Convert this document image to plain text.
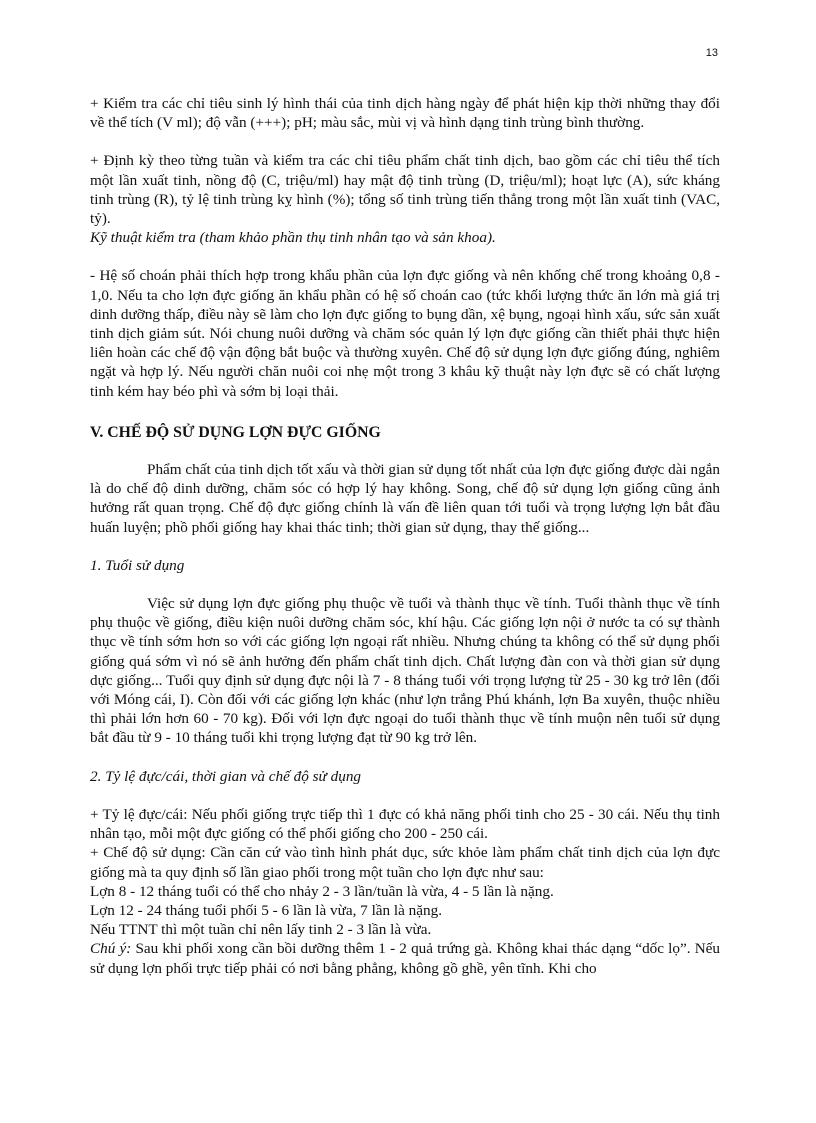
13

+ Kiểm tra các chỉ tiêu sinh lý hình thái của tinh dịch hàng ngày để phát hiện kịp thời những thay đổi về thể tích (V ml); độ vẫn (+++); pH; màu sắc, mùi vị và hình dạng tinh trùng bình thường.

+ Định kỳ theo từng tuần và kiểm tra các chỉ tiêu phẩm chất tinh dịch, bao gồm các chỉ tiêu thể tích một lần xuất tinh, nồng độ (C, triệu/ml) hay mật độ tinh trùng (D, triệu/ml); hoạt lực (A), sức kháng tinh trùng (R), tỷ lệ tinh trùng kỵ hình (%); tổng số tinh trùng tiến thẳng trong một lần xuất tinh (VAC, tỷ).

Kỹ thuật kiểm tra (tham khảo phần thụ tinh nhân tạo và sản khoa).

- Hệ số choán phải thích hợp trong khẩu phần của lợn đực giống và nên khống chế trong khoảng 0,8 - 1,0. Nếu ta cho lợn đực giống ăn khẩu phần có hệ số choán cao (tức khối lượng thức ăn lớn mà giá trị dinh dưỡng thấp, điều này sẽ làm cho lợn đực giống to bụng dần, xệ bụng, ngoại hình xấu, sức sản xuất tinh dịch giảm sút. Nói chung nuôi dưỡng và chăm sóc quản lý lợn đực giống cần thiết phải thực hiện liên hoàn các chế độ vận động bắt buộc và thường xuyên. Chế độ sử dụng lợn đực giống đúng, nghiêm ngặt và hợp lý. Nếu người chăn nuôi coi nhẹ một trong 3 khâu kỹ thuật này lợn đực sẽ có chất lượng tinh kém hay béo phì và sớm bị loại thải.

V. CHẾ ĐỘ SỬ DỤNG LỢN ĐỰC GIỐNG

Phẩm chất của tinh dịch tốt xấu và thời gian sử dụng tốt nhất của lợn đực giống được dài ngắn là do chế độ dinh dưỡng, chăm sóc có hợp lý hay không. Song, chế độ sử dụng lợn giống cũng ảnh hưởng rất quan trọng. Chế độ đực giống chính là vấn đề liên quan tới tuổi và trọng lượng lợn bắt đầu huấn luyện; phồ phối giống hay khai thác tinh; thời gian sử dụng, thay thế giống...

1. Tuổi sử dụng

Việc sử dụng lợn đực giống phụ thuộc về tuổi và thành thục về tính. Tuổi thành thục về tính phụ thuộc về giống, điều kiện nuôi dưỡng chăm sóc, khí hậu. Các giống lợn nội ở nước ta có sự thành thục về tính sớm hơn so với các giống lợn ngoại rất nhiều. Nhưng chúng ta không có thể sử dụng phối giống quá sớm vì nó sẽ ảnh hưởng đến phẩm chất tinh dịch. Chất lượng đàn con và thời gian sử dụng dực giống... Tuổi quy định sử dụng đực nội là 7 - 8 tháng tuổi với trọng lượng từ 25 - 30 kg trở lên (đối với Móng cái, I). Còn đối với các giống lợn khác (như lợn trắng Phú khánh, lợn Ba xuyên, thuộc nhiều thì phải lớn hơn 60 - 70 kg). Đối với lợn đực ngoại do tuổi thành thục về tính muộn nên tuổi sử dụng bắt đầu từ 9 - 10 tháng tuổi khi trọng lượng đạt từ 90 kg trở lên.

2. Tỷ lệ đực/cái, thời gian và chế độ sử dụng

+ Tỷ lệ đực/cái: Nếu phối giống trực tiếp thì 1 đực có khả năng phối tinh cho 25 - 30 cái. Nếu thụ tinh nhân tạo, mỗi một đực giống có thể phối giống cho 200 - 250 cái.

+ Chế độ sử dụng: Cần căn cứ vào tình hình phát dục, sức khỏe làm phẩm chất tinh dịch của lợn đực giống mà ta quy định số lần giao phối trong một tuần cho lợn đực như sau:

Lợn 8 - 12 tháng tuổi có thể cho nhảy 2 - 3 lần/tuần là vừa, 4 - 5 lần là nặng.

Lợn 12 - 24 tháng tuổi phối 5 - 6 lần là vừa, 7 lần là nặng.

Nếu TTNT thì một tuần chỉ nên lấy tinh 2 - 3 lần là vừa.

Chú ý: Sau khi phối xong cần bồi dưỡng thêm 1 - 2 quả trứng gà. Không khai thác dạng “dốc lọ”. Nếu sử dụng lợn phối trực tiếp phải có nơi bằng phẳng, không gồ ghề, yên tĩnh. Khi cho
